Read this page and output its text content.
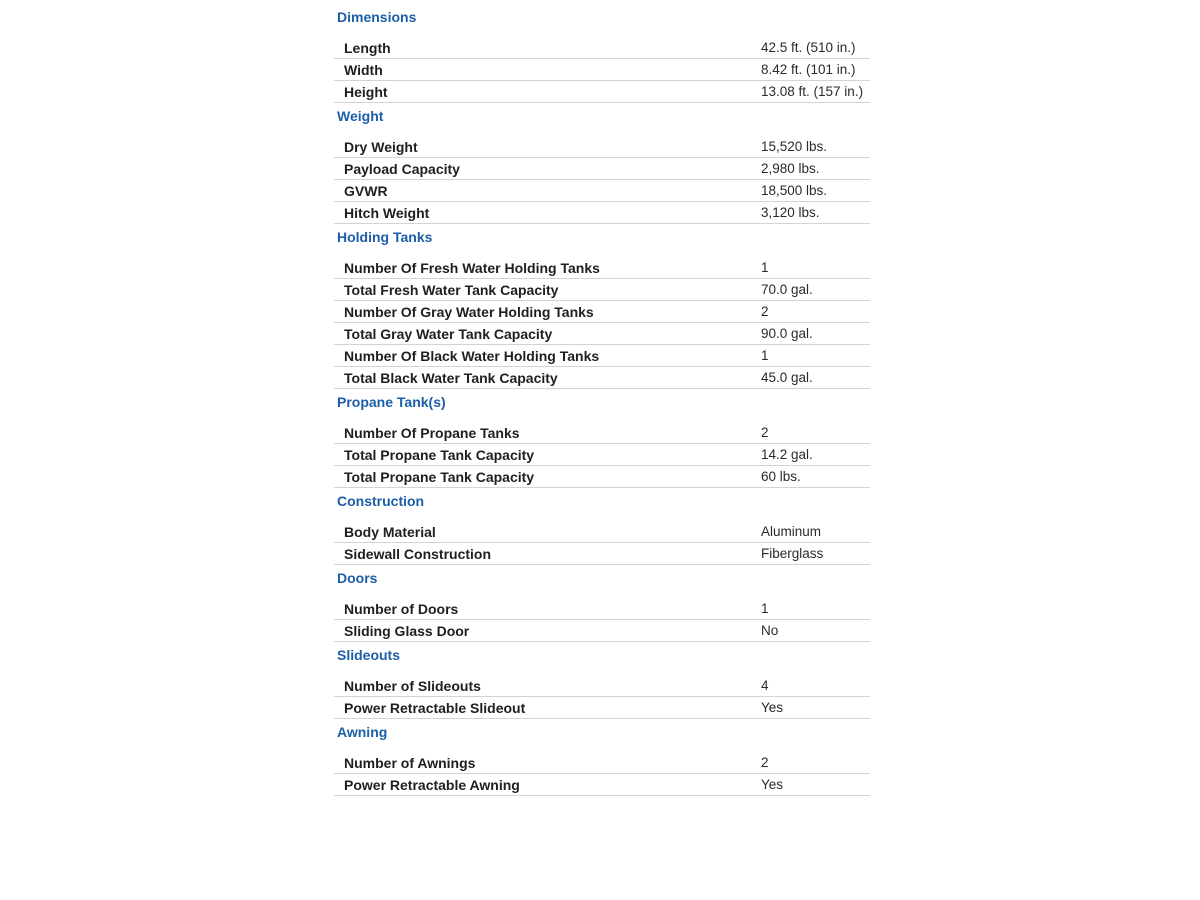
Dimensions
Length	42.5 ft. (510 in.)
Width	8.42 ft. (101 in.)
Height	13.08 ft. (157 in.)
Weight
Dry Weight	15,520 lbs.
Payload Capacity	2,980 lbs.
GVWR	18,500 lbs.
Hitch Weight	3,120 lbs.
Holding Tanks
Number Of Fresh Water Holding Tanks	1
Total Fresh Water Tank Capacity	70.0 gal.
Number Of Gray Water Holding Tanks	2
Total Gray Water Tank Capacity	90.0 gal.
Number Of Black Water Holding Tanks	1
Total Black Water Tank Capacity	45.0 gal.
Propane Tank(s)
Number Of Propane Tanks	2
Total Propane Tank Capacity	14.2 gal.
Total Propane Tank Capacity	60 lbs.
Construction
Body Material	Aluminum
Sidewall Construction	Fiberglass
Doors
Number of Doors	1
Sliding Glass Door	No
Slideouts
Number of Slideouts	4
Power Retractable Slideout	Yes
Awning
Number of Awnings	2
Power Retractable Awning	Yes
